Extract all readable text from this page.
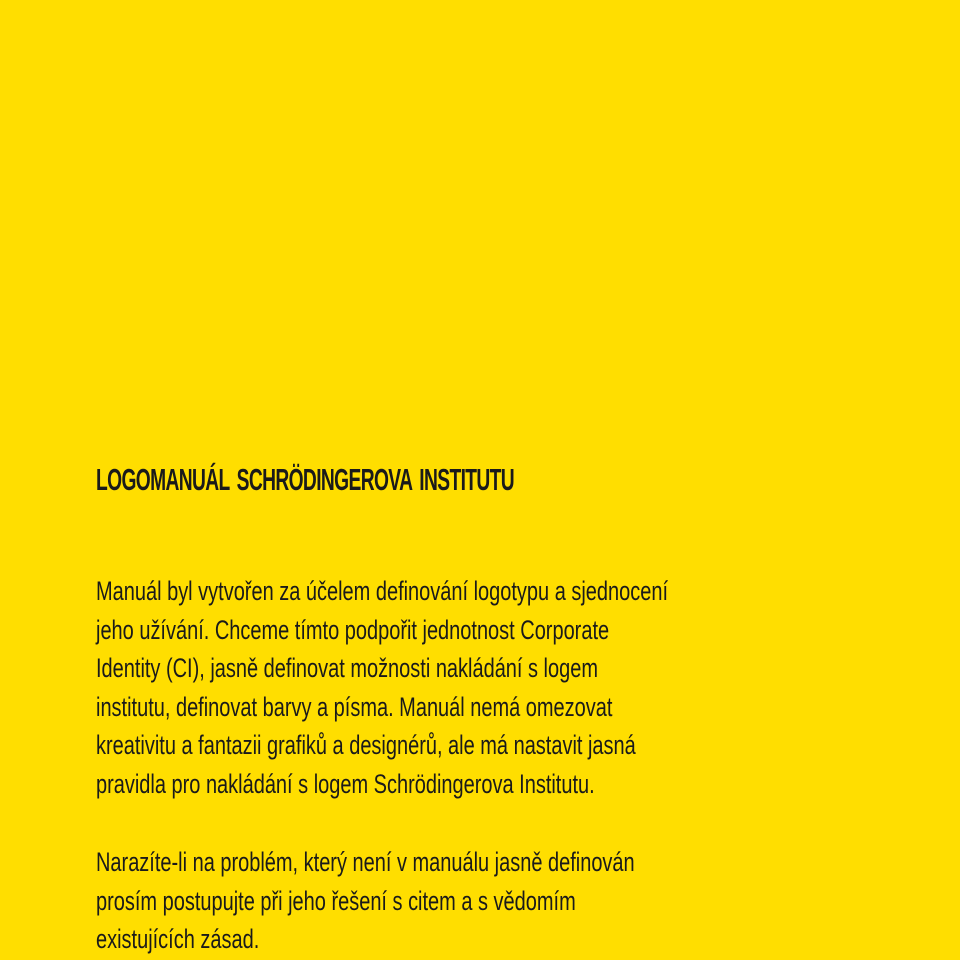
logomanuál schrödingerova institutu

Manuál byl vytvořen za účelem definování logotypu a sjednocení
jeho užívání. Chceme tímto podpořit jednotnost Corporate
Identity (CI), jasně definovat možnosti nakládání s logem
institutu, definovat barvy a písma. Manuál nemá omezovat
kreativitu a fantazii grafiků a designérů, ale má nastavit jasná
pravidla pro nakládání s logem Schrödingerova Institutu.

Narazíte-li na problém, který není v manuálu jasně definován
prosím postupujte při jeho řešení s citem a s vědomím
existujících zásad.
